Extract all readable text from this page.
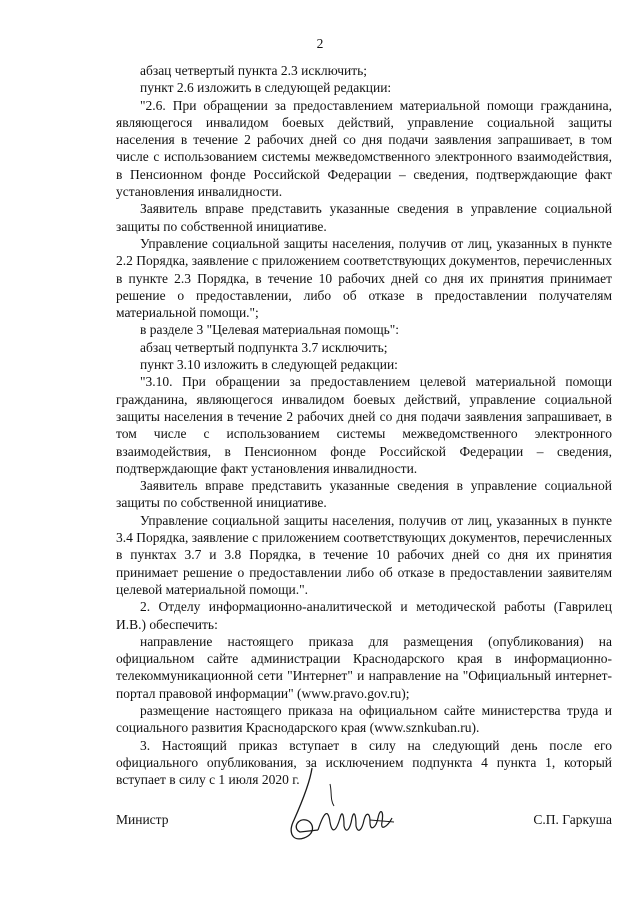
2

абзац четвертый пункта 2.3 исключить;

пункт 2.6 изложить в следующей редакции:

"2.6. При обращении за предоставлением материальной помощи гражданина, являющегося инвалидом боевых действий, управление социальной защиты населения в течение 2 рабочих дней со дня подачи заявления запрашивает, в том числе с использованием системы межведомственного электронного взаимодействия, в Пенсионном фонде Российской Федерации – сведения, подтверждающие факт установления инвалидности.

Заявитель вправе представить указанные сведения в управление социальной защиты по собственной инициативе.

Управление социальной защиты населения, получив от лиц, указанных в пункте 2.2 Порядка, заявление с приложением соответствующих документов, перечисленных в пункте 2.3 Порядка, в течение 10 рабочих дней со дня их принятия принимает решение о предоставлении, либо об отказе в предоставлении получателям материальной помощи.";

в разделе 3 "Целевая материальная помощь":

абзац четвертый подпункта 3.7 исключить;

пункт 3.10 изложить в следующей редакции:

"3.10. При обращении за предоставлением целевой материальной помощи гражданина, являющегося инвалидом боевых действий, управление социальной защиты населения в течение 2 рабочих дней со дня подачи заявления запрашивает, в том числе с использованием системы межведомственного электронного взаимодействия, в Пенсионном фонде Российской Федерации – сведения, подтверждающие факт установления инвалидности.

Заявитель вправе представить указанные сведения в управление социальной защиты по собственной инициативе.

Управление социальной защиты населения, получив от лиц, указанных в пункте 3.4 Порядка, заявление с приложением соответствующих документов, перечисленных в пунктах 3.7 и 3.8 Порядка, в течение 10 рабочих дней со дня их принятия принимает решение о предоставлении либо об отказе в предоставлении заявителям целевой материальной помощи.".

2. Отделу информационно-аналитической и методической работы (Гаврилец И.В.) обеспечить:

направление настоящего приказа для размещения (опубликования) на официальном сайте администрации Краснодарского края в информационно-телекоммуникационной сети "Интернет" и направление на "Официальный интернет-портал правовой информации" (www.pravo.gov.ru);

размещение настоящего приказа на официальном сайте министерства труда и социального развития Краснодарского края (www.sznkuban.ru).

3. Настоящий приказ вступает в силу на следующий день после его официального опубликования, за исключением подпункта 4 пункта 1, который вступает в силу с 1 июля 2020 г.

Министр	С.П. Гаркуша
